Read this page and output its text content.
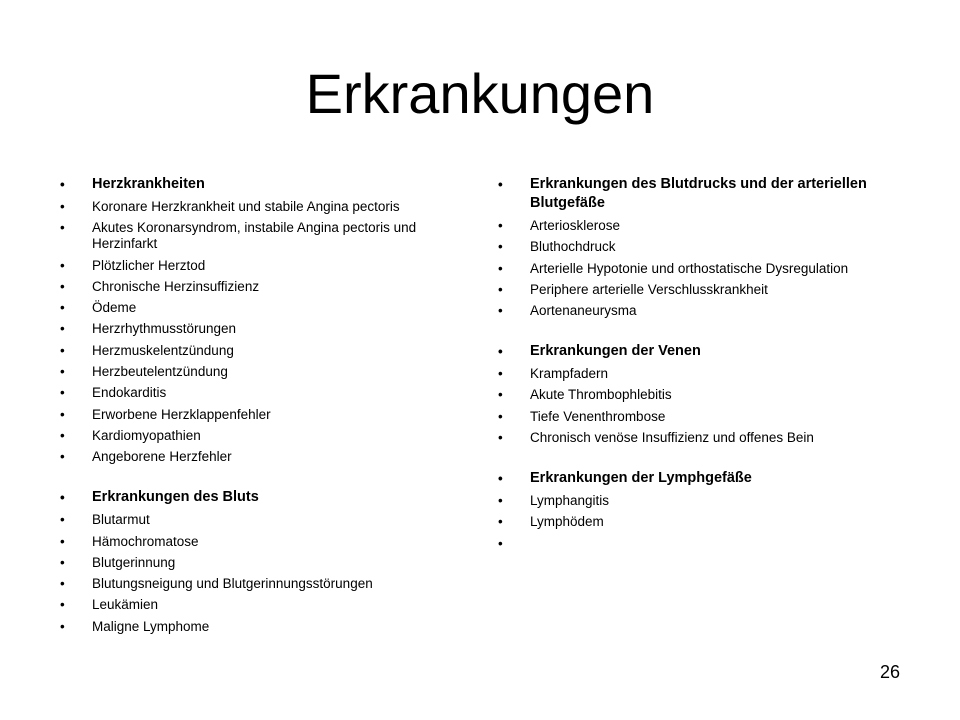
Erkrankungen
• Herzkrankheiten
• Koronare Herzkrankheit und stabile Angina pectoris
• Akutes Koronarsyndrom, instabile Angina pectoris und Herzinfarkt
• Plötzlicher Herztod
• Chronische Herzinsuffizienz
• Ödeme
• Herzrhythmusstörungen
• Herzmuskelentzündung
• Herzbeutelentzündung
• Endokarditis
• Erworbene Herzklappenfehler
• Kardiomyopathien
• Angeborene Herzfehler
• Erkrankungen des Bluts
• Blutarmut
• Hämochromatose
• Blutgerinnung
• Blutungsneigung und Blutgerinnungsstörungen
• Leukämien
• Maligne Lymphome
• Erkrankungen des Blutdrucks und der arteriellen Blutgefäße
• Arteriosklerose
• Bluthochdruck
• Arterielle Hypotonie und orthostatische Dysregulation
• Periphere arterielle Verschlusskrankheit
• Aortenaneurysma
• Erkrankungen der Venen
• Krampfadern
• Akute Thrombophlebitis
• Tiefe Venenthrombose
• Chronisch venöse Insuffizienz und offenes Bein
• Erkrankungen der Lymphgefäße
• Lymphangitis
• Lymphödem
•
26
